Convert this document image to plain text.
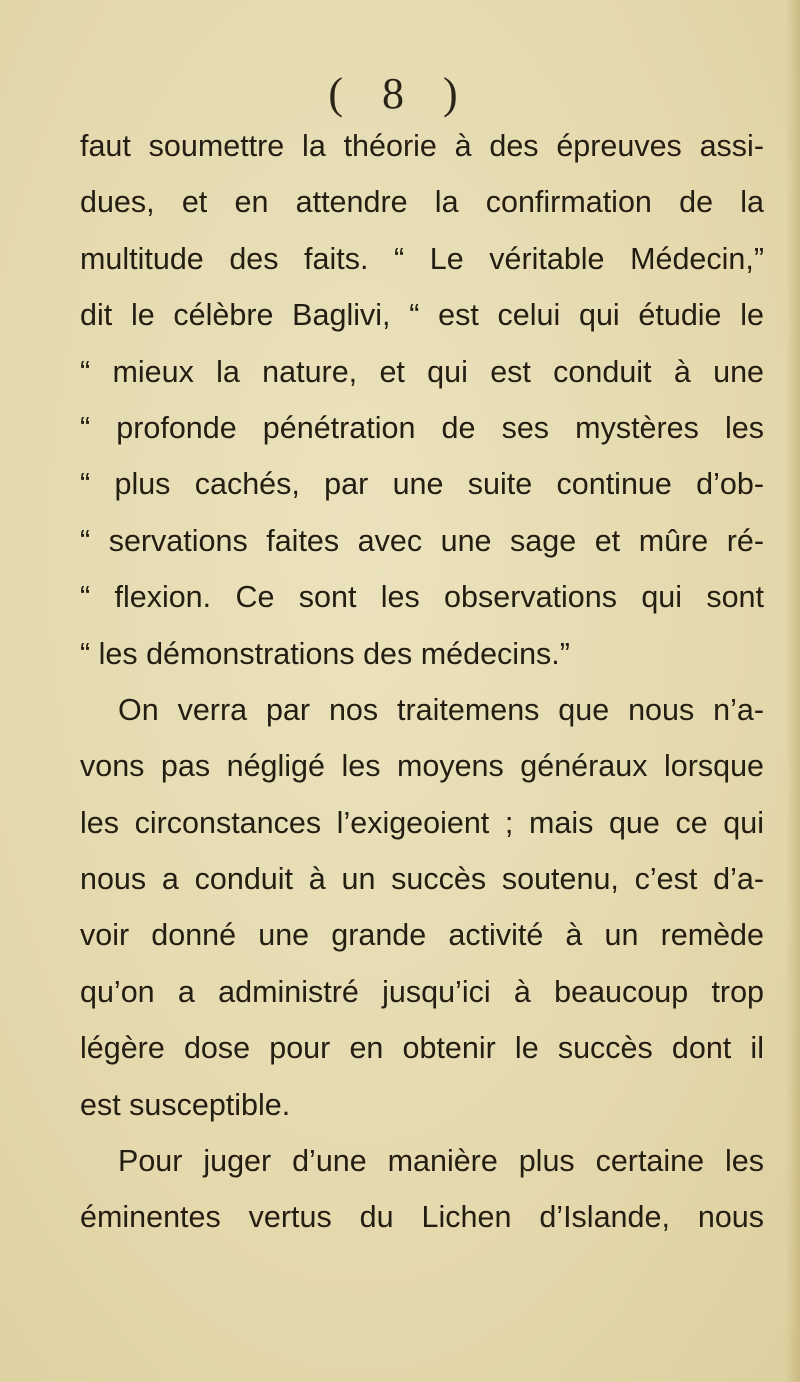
( 8 )
faut soumettre la théorie à des épreuves assi-
dues, et en attendre la confirmation de la
multitude des faits. “ Le véritable Médecin,”
dit le célèbre Baglivi, “ est celui qui étudie le
“ mieux la nature, et qui est conduit à une
“ profonde pénétration de ses mystères les
“ plus cachés, par une suite continue d’ob-
“ servations faites avec une sage et mûre ré-
“ flexion. Ce sont les observations qui sont
“ les démonstrations des médecins.”
On verra par nos traitemens que nous n’a-
vons pas négligé les moyens généraux lorsque
les circonstances l’exigeoient ; mais que ce qui
nous a conduit à un succès soutenu, c’est d’a-
voir donné une grande activité à un remède
qu’on a administré jusqu’ici à beaucoup trop
légère dose pour en obtenir le succès dont il
est susceptible.
Pour juger d’une manière plus certaine les
éminentes vertus du Lichen d’Islande, nous
